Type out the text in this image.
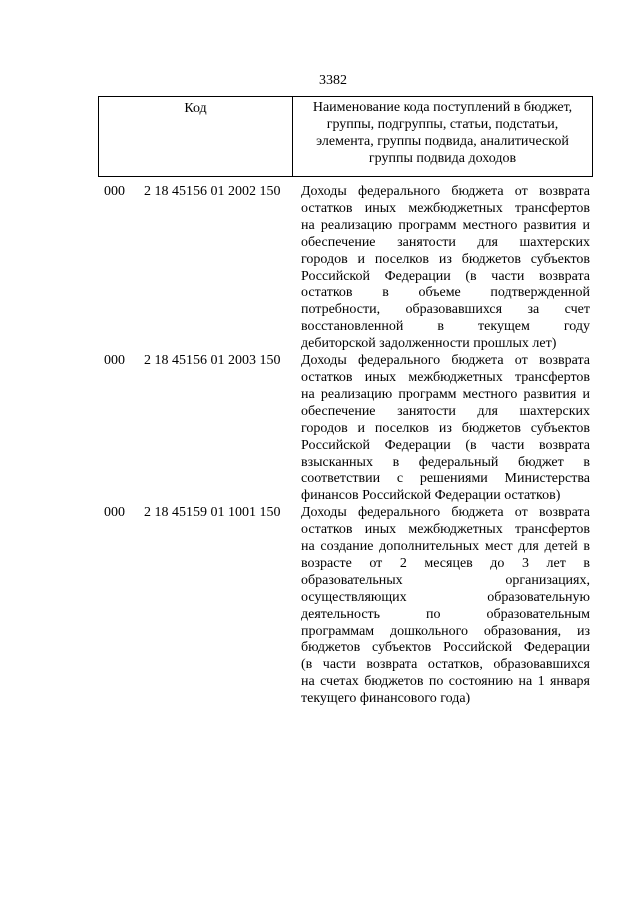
3382
Код	Наименование кода поступлений в бюджет,
группы, подгруппы, статьи, подстатьи,
элемента, группы подвида, аналитической
группы подвида доходов
000	2 18 45156 01 2002 150	Доходы федерального бюджета от возврата
остатков иных межбюджетных трансфертов
на реализацию программ местного развития и
обеспечение занятости для шахтерских
городов и поселков из бюджетов субъектов
Российской Федерации (в части возврата
остатков в объеме подтвержденной
потребности, образовавшихся за счет
восстановленной в текущем году
дебиторской задолженности прошлых лет)
000	2 18 45156 01 2003 150	Доходы федерального бюджета от возврата
остатков иных межбюджетных трансфертов
на реализацию программ местного развития и
обеспечение занятости для шахтерских
городов и поселков из бюджетов субъектов
Российской Федерации (в части возврата
взысканных в федеральный бюджет в
соответствии с решениями Министерства
финансов Российской Федерации остатков)
000	2 18 45159 01 1001 150	Доходы федерального бюджета от возврата
остатков иных межбюджетных трансфертов
на создание дополнительных мест для детей в
возрасте от 2 месяцев до 3 лет в
образовательных организациях,
осуществляющих образовательную
деятельность по образовательным
программам дошкольного образования, из
бюджетов субъектов Российской Федерации
(в части возврата остатков, образовавшихся
на счетах бюджетов по состоянию на 1 января
текущего финансового года)
